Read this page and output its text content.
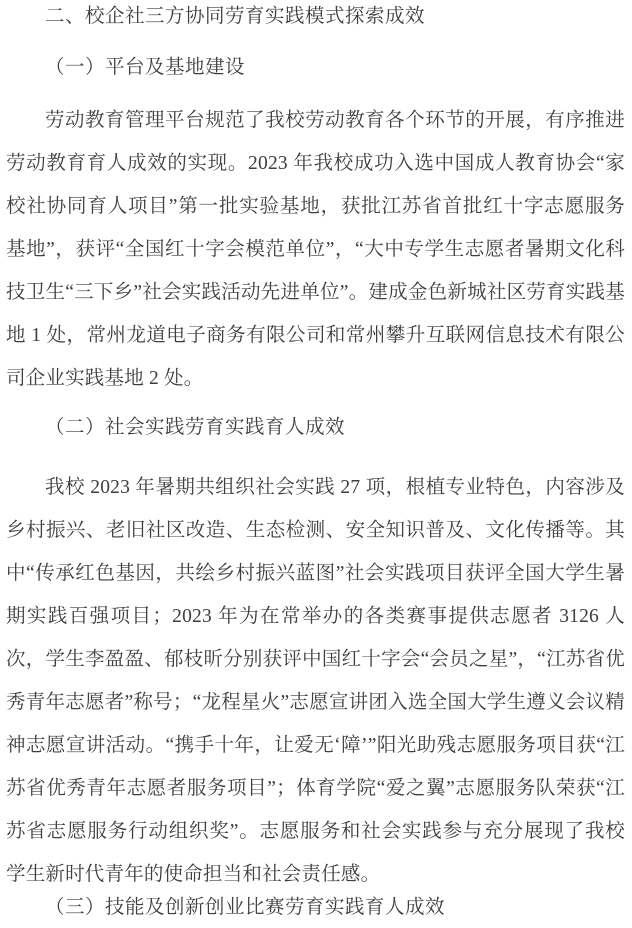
二、校企社三方协同劳育实践模式探索成效
（一）平台及基地建设

劳动教育管理平台规范了我校劳动教育各个环节的开展，有序推进劳动教育育人成效的实现。2023 年我校成功入选中国成人教育协会“家校社协同育人项目”第一批实验基地，获批江苏省首批红十字志愿服务基地”，获评“全国红十字会模范单位”，“大中专学生志愿者暑期文化科技卫生“三下乡”社会实践活动先进单位”。建成金色新城社区劳育实践基地 1 处，常州龙道电子商务有限公司和常州攀升互联网信息技术有限公司企业实践基地 2 处。

（二）社会实践劳育实践育人成效

我校 2023 年暑期共组织社会实践 27 项，根植专业特色，内容涉及乡村振兴、老旧社区改造、生态检测、安全知识普及、文化传播等。其中“传承红色基因，共绘乡村振兴蓝图”社会实践项目获评全国大学生暑期实践百强项目；2023 年为在常举办的各类赛事提供志愿者 3126 人次，学生李盈盈、郁枝昕分别获评中国红十字会“会员之星”，“江苏省优秀青年志愿者”称号；“龙程星火”志愿宣讲团入选全国大学生遵义会议精神志愿宣讲活动。“携手十年，让爱无‘障’”阳光助残志愿服务项目获“江苏省优秀青年志愿者服务项目”；体育学院“爱之翼”志愿服务队荣获“江苏省志愿服务行动组织奖”。志愿服务和社会实践参与充分展现了我校学生新时代青年的使命担当和社会责任感。

（三）技能及创新创业比赛劳育实践育人成效
